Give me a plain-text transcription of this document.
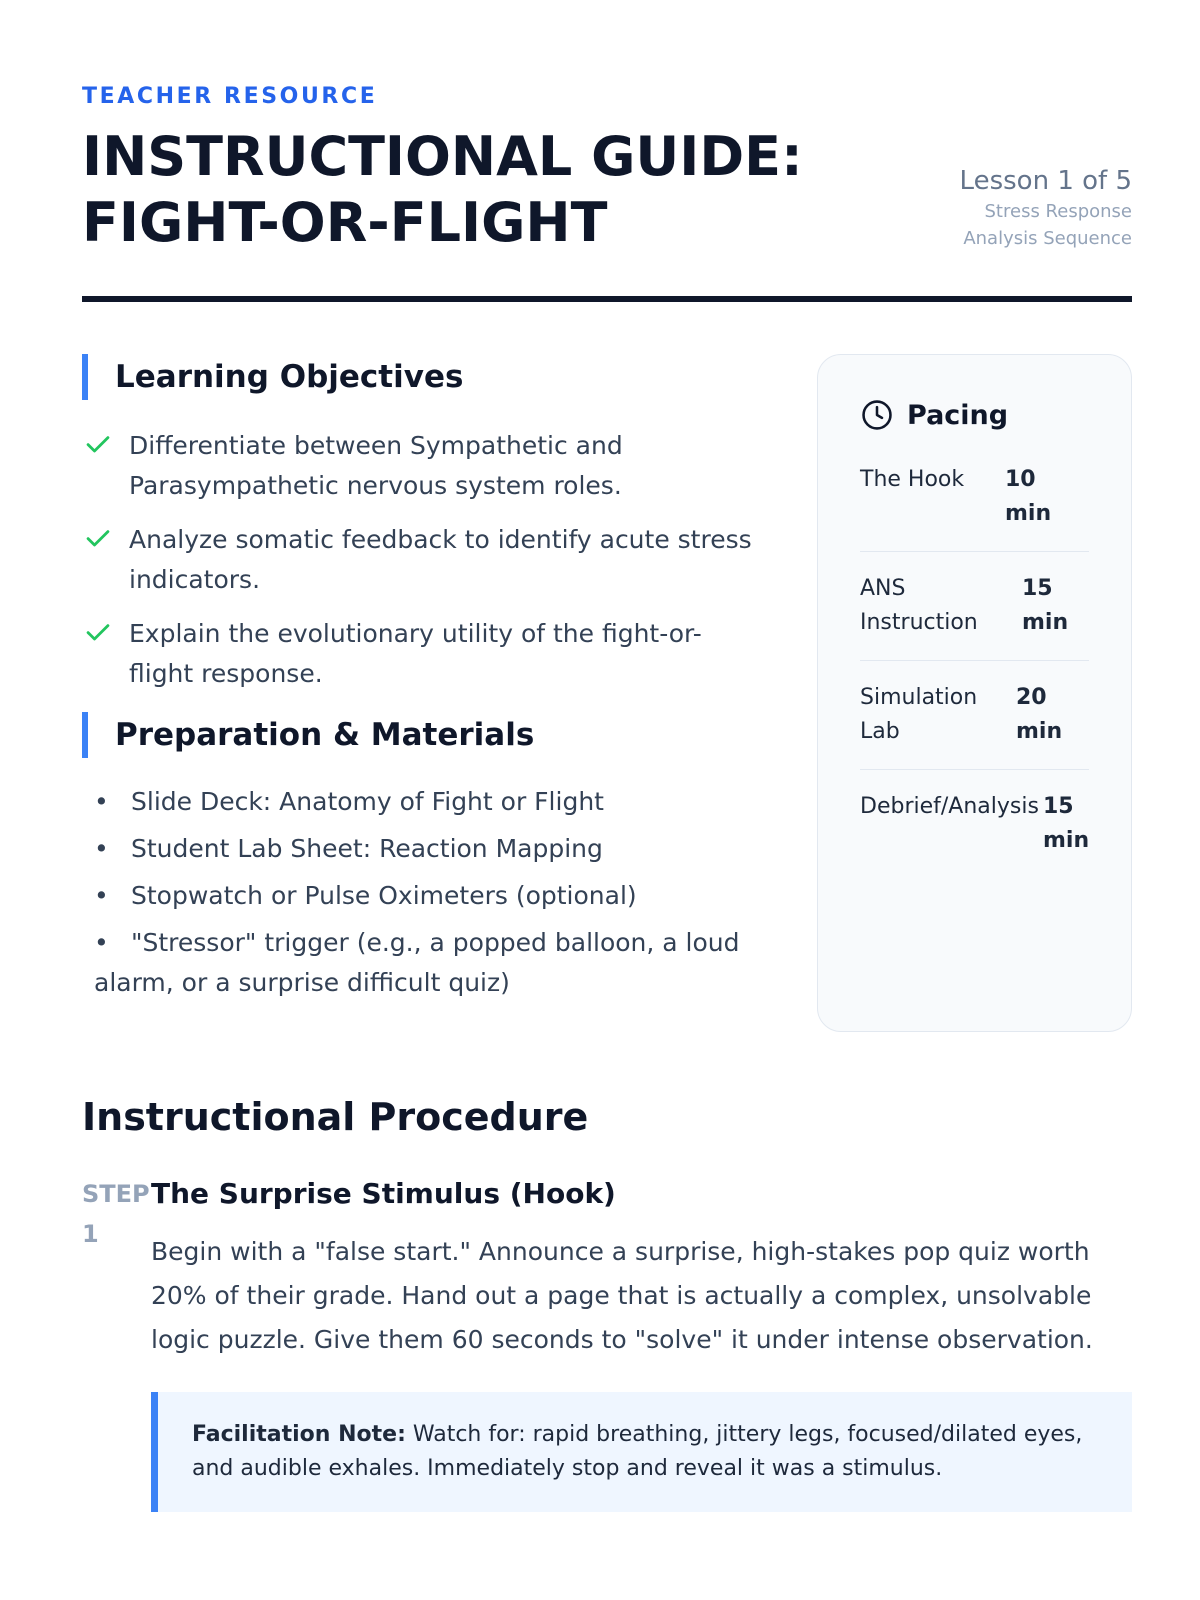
TEACHER RESOURCE
INSTRUCTIONAL GUIDE:
FIGHT-OR-FLIGHT
Lesson 1 of 5
Stress Response
Analysis Sequence
Learning Objectives
Differentiate between Sympathetic and Parasympathetic nervous system roles.
Analyze somatic feedback to identify acute stress indicators.
Explain the evolutionary utility of the fight-or-flight response.
Preparation & Materials
• Slide Deck: Anatomy of Fight or Flight
• Student Lab Sheet: Reaction Mapping
• Stopwatch or Pulse Oximeters (optional)
• "Stressor" trigger (e.g., a popped balloon, a loud alarm, or a surprise difficult quiz)
Pacing
The Hook	10 min
ANS Instruction
15 min
Simulation Lab
20 min
Debrief/Analysis 15 min
Instructional Procedure
STEP 1
The Surprise Stimulus (Hook)

Begin with a "false start." Announce a surprise, high-stakes pop quiz worth 20% of their grade. Hand out a page that is actually a complex, unsolvable logic puzzle. Give them 60 seconds to "solve" it under intense observation.

Facilitation Note: Watch for: rapid breathing, jittery legs, focused/dilated eyes, and audible exhales. Immediately stop and reveal it was a stimulus.
